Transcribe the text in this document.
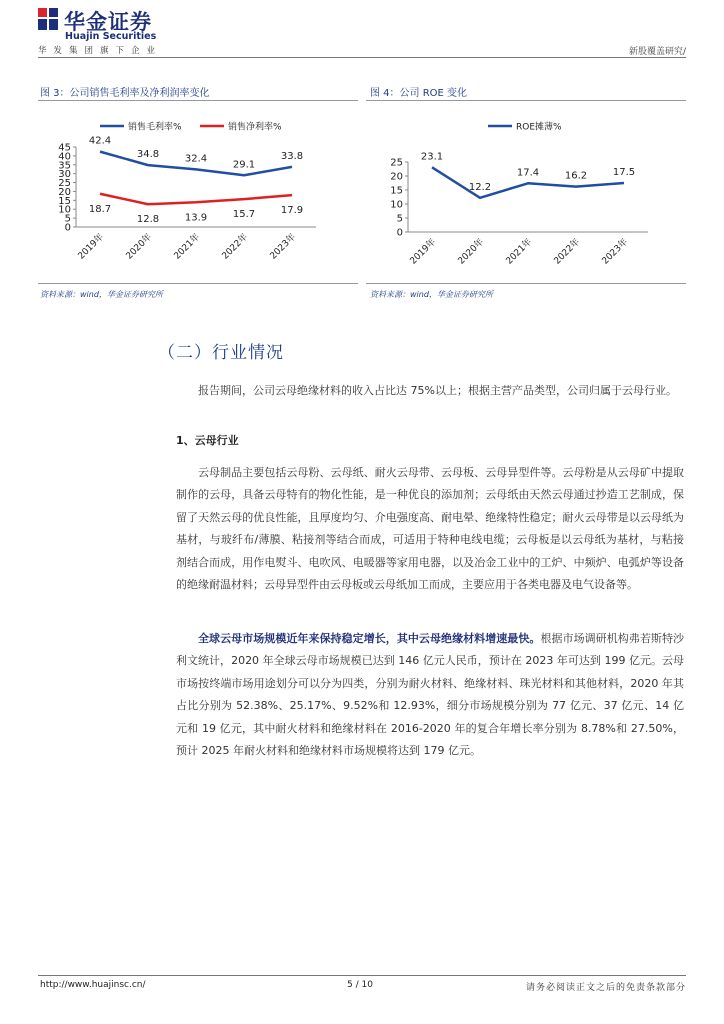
华金证券
Huajin Securities
华发集团旗下企业	新股覆盖研究/
图 3：公司销售毛利率及净利润率变化
0
5
10
15
20
25
30
35
40
45
2019年 2020年 2021年 2022年 2023年
销售毛利率%	销售净利率%
42.4
34.8	32.4
29.1
33.8
18.7
12.8	13.9	15.7	17.9
资料来源：wind，华金证券研究所
图 4：公司 ROE 变化
0
5
10
15
20
25
2019年 2020年 2021年 2022年 2023年
ROE摊薄%
23.1
12.2
17.4	16.2	17.5
资料来源：wind，华金证券研究所
（二）行业情况
报告期间，公司云母绝缘材料的收入占比达 75%以上；根据主营产品类型，公司归属于云母行业。
1、云母行业
云母制品主要包括云母粉、云母纸、耐火云母带、云母板、云母异型件等。云母粉是从云母矿中提取制作的云母，具备云母特有的物化性能，是一种优良的添加剂；云母纸由天然云母通过抄造工艺制成，保留了天然云母的优良性能，且厚度均匀、介电强度高、耐电晕、绝缘特性稳定；耐火云母带是以云母纸为基材，与玻纤布/薄膜、粘接剂等结合而成，可适用于特种电线电缆；云母板是以云母纸为基材，与粘接剂结合而成，用作电熨斗、电吹风、电暖器等家用电器，以及冶金工业中的工炉、中频炉、电弧炉等设备的绝缘耐温材料；云母异型件由云母板或云母纸加工而成，主要应用于各类电器及电气设备等。
全球云母市场规模近年来保持稳定增长，其中云母绝缘材料增速最快。根据市场调研机构弗若斯特沙利文统计，2020 年全球云母市场规模已达到 146 亿元人民币，预计在 2023 年可达到 199 亿元。云母市场按终端市场用途划分可以分为四类，分别为耐火材料、绝缘材料、珠光材料和其他材料，2020 年其占比分别为 52.38%、25.17%、9.52%和 12.93%，细分市场规模分别为 77 亿元、37 亿元、14 亿元和 19 亿元，其中耐火材料和绝缘材料在 2016-2020 年的复合年增长率分别为 8.78%和 27.50%，预计 2025 年耐火材料和绝缘材料市场规模将达到 179 亿元。
http://www.huajinsc.cn/	5 / 10	请务必阅读正文之后的免责条款部分
